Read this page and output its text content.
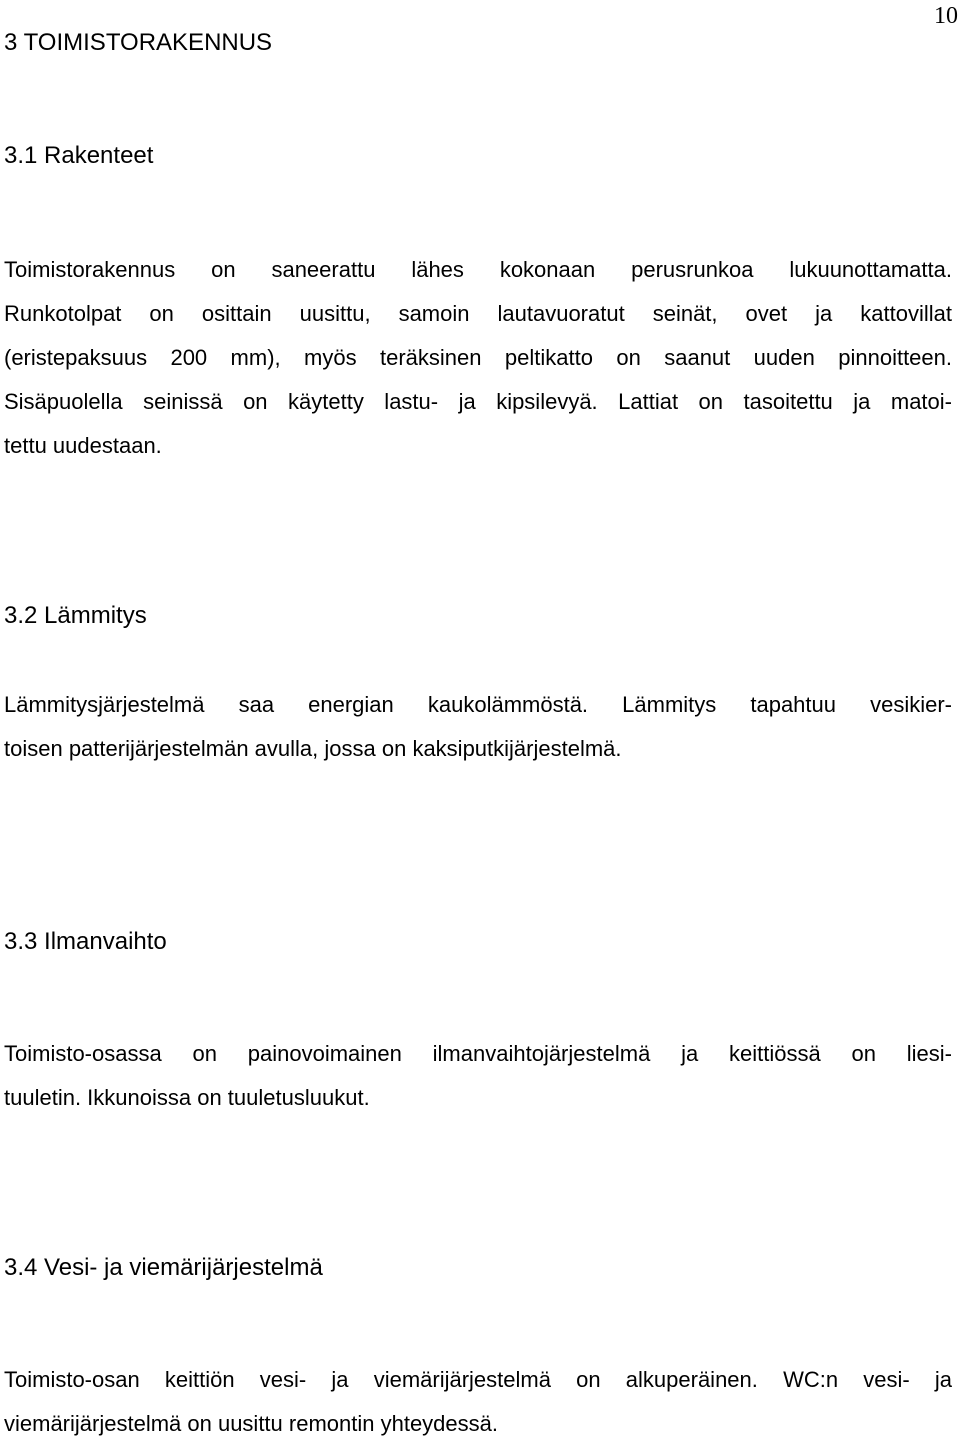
10
3 TOIMISTORAKENNUS
3.1 Rakenteet
Toimistorakennus on saneerattu lähes kokonaan perusrunkoa lukuunottamatta.
Runkotolpat on osittain uusittu, samoin lautavuoratut seinät, ovet ja kattovillat
(eristepaksuus 200 mm), myös teräksinen peltikatto on saanut uuden pinnoitteen.
Sisäpuolella seinissä on käytetty lastu- ja kipsilevyä. Lattiat on tasoitettu ja matoi-
tettu uudestaan.
3.2 Lämmitys
Lämmitysjärjestelmä saa energian kaukolämmöstä. Lämmitys tapahtuu vesikier-
toisen patterijärjestelmän avulla, jossa on kaksiputkijärjestelmä.
3.3 Ilmanvaihto
Toimisto-osassa on painovoimainen ilmanvaihtojärjestelmä ja keittiössä on liesi-
tuuletin. Ikkunoissa on tuuletusluukut.
3.4 Vesi- ja viemärijärjestelmä
Toimisto-osan keittiön vesi- ja viemärijärjestelmä on alkuperäinen. WC:n vesi- ja
viemärijärjestelmä on uusittu remontin yhteydessä.
